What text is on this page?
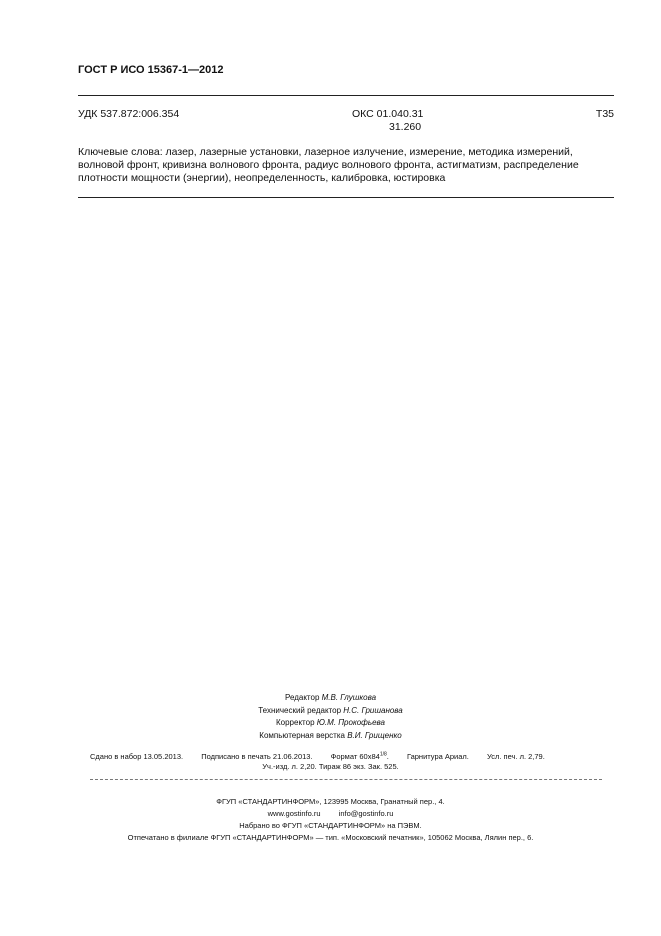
ГОСТ Р ИСО 15367-1—2012
УДК 537.872:006.354	ОКС 01.040.31
31.260
Т35
Ключевые слова: лазер, лазерные установки, лазерное излучение, измерение, методика измерений, волновой фронт, кривизна волнового фронта, радиус волнового фронта, астигматизм, распределение плотности мощности (энергии), неопределенность, калибровка, юстировка
Редактор М.В. Глушкова
Технический редактор Н.С. Гришанова
Корректор Ю.М. Прокофьева
Компьютерная верстка В.И. Грищенко
Сдано в набор 13.05.2013. Подписано в печать 21.06.2013. Формат $60x84^{1/8}$. Гарнитура Ариал. Усл. печ. л. 2,79.
Уч.-изд. л. 2,20. Тираж 86 экз. Зак. 525.
ФГУП «СТАНДАРТИНФОРМ», 123995 Москва, Гранатный пер., 4.
www.gostinfo.ru info@gostinfo.ru
Набрано во ФГУП «СТАНДАРТИНФОРМ» на ПЭВМ.
Отпечатано в филиале ФГУП «СТАНДАРТИНФОРМ» — тип. «Московский печатник», 105062 Москва, Лялин пер., 6.
